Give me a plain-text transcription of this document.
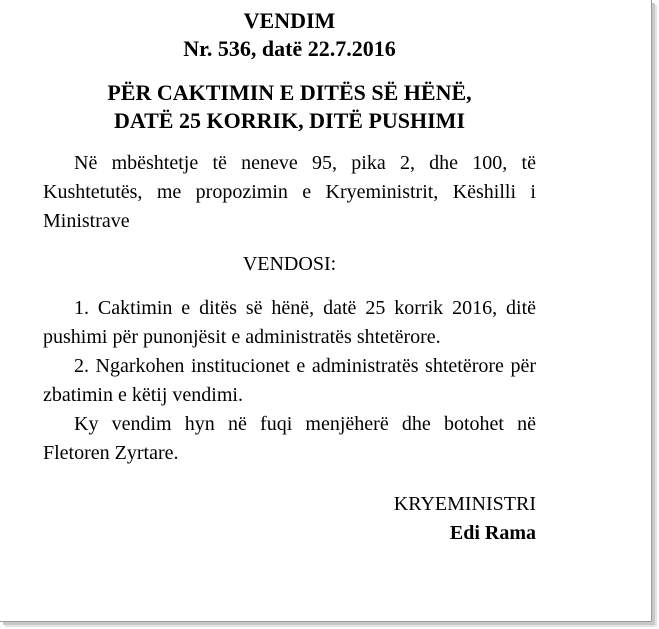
VENDIM

Nr. 536, datë 22.7.2016

PËR CAKTIMIN E DITËS SË HËNË,

DATË 25 KORRIK, DITË PUSHIMI

Në mbështetje të neneve 95, pika 2, dhe 100, të Kushtetutës, me propozimin e Kryeministrit, Këshilli i Ministrave

VENDOSI:

1. Caktimin e ditës së hënë, datë 25 korrik 2016, ditë pushimi për punonjësit e administratës shtetërore.

2. Ngarkohen institucionet e administratës shtetërore për zbatimin e këtij vendimi.

Ky vendim hyn në fuqi menjëherë dhe botohet në Fletoren Zyrtare.

KRYEMINISTRI

Edi Rama
